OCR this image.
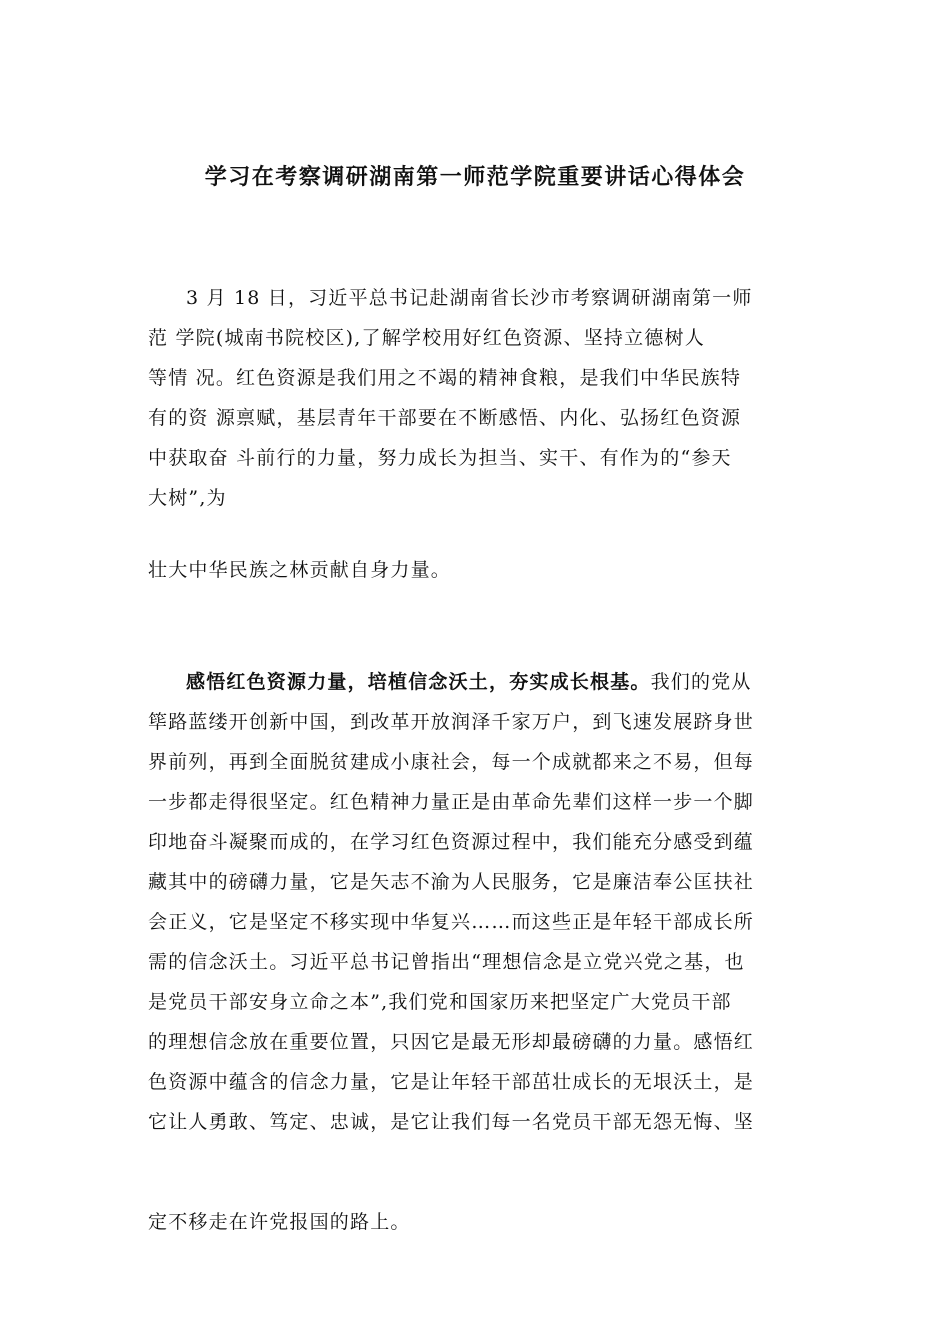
学习在考察调研湖南第一师范学院重要讲话心得体会
3 月 18 日，习近平总书记赴湖南省长沙市考察调研湖南第一师
范 学院(城南书院校区),了解学校用好红色资源、坚持立德树人
等情 况。红色资源是我们用之不竭的精神食粮，是我们中华民族特
有的资 源禀赋，基层青年干部要在不断感悟、内化、弘扬红色资源
中获取奋 斗前行的力量，努力成长为担当、实干、有作为的“参天
大树”,为
壮大中华民族之林贡献自身力量。
感悟红色资源力量，培植信念沃土，夯实成长根基。我们的党从
筚路蓝缕开创新中国，到改革开放润泽千家万户，到飞速发展跻身世
界前列，再到全面脱贫建成小康社会，每一个成就都来之不易，但每
一步都走得很坚定。红色精神力量正是由革命先辈们这样一步一个脚
印地奋斗凝聚而成的，在学习红色资源过程中，我们能充分感受到蕴
藏其中的磅礴力量，它是矢志不渝为人民服务，它是廉洁奉公匡扶社
会正义，它是坚定不移实现中华复兴……而这些正是年轻干部成长所
需的信念沃土。习近平总书记曾指出“理想信念是立党兴党之基，也
是党员干部安身立命之本”,我们党和国家历来把坚定广大党员干部
的理想信念放在重要位置，只因它是最无形却最磅礴的力量。感悟红
色资源中蕴含的信念力量，它是让年轻干部茁壮成长的无垠沃土，是
它让人勇敢、笃定、忠诚，是它让我们每一名党员干部无怨无悔、坚
定不移走在许党报国的路上。
